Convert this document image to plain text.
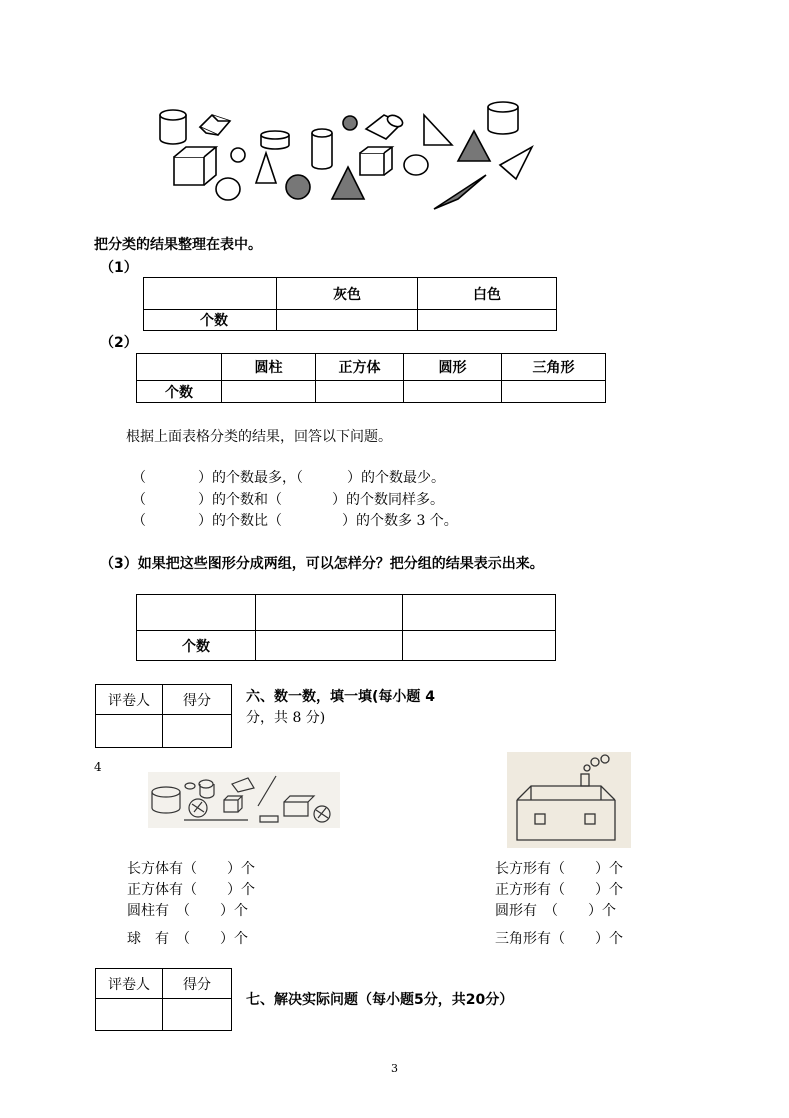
把分类的结果整理在表中。
（1）
	灰色	白色
个数		
（2）
	圆柱	正方体	圆形	三角形
个数				
根据上面表格分类的结果，回答以下问题。
（	）的个数最多，（	）的个数最少。
（	）的个数和（	）的个数同样多。
（	）的个数比（	）的个数多 3 个。
（3）如果把这些图形分成两组，可以怎样分？把分组的结果表示出来。

个数		
评卷人	得分
		六、数一数，填一填(每小题 4
分，共 8 分)
4
长方体有（ ）个
正方体有（ ）个
圆柱有　（ ）个
球　有　（ ）个
长方形有（ ）个
正方形有（ ）个
圆形有　（ ）个
三角形有（ ）个
评卷人	得分

七、解决实际问题（每小题5分，共20分）
3
